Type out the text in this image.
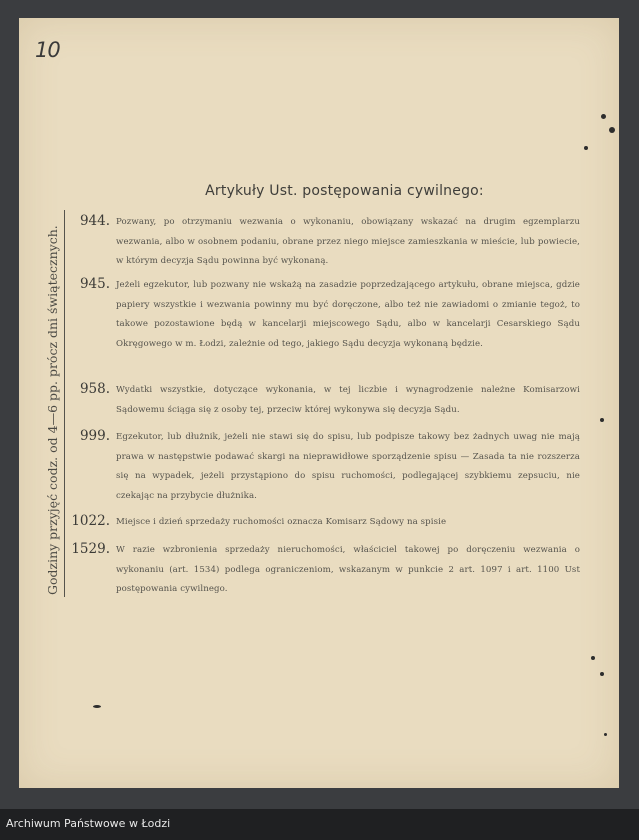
10
Godziny przyjęć codz. od 4—6 pp. prócz dni świątecznych.
Artykuły Ust. postępowania cywilnego:
944. Pozwany, po otrzymaniu wezwania o wykonaniu, obowiązany wskazać na drugim egzemplarzu wezwania, albo w osobnem podaniu, obrane przez niego miejsce zamieszkania w mieście, lub powiecie, w którym decyzja Sądu powinna być wykonaną.
945. Jeżeli egzekutor, lub pozwany nie wskażą na zasadzie poprzedzającego artykułu, obrane miejsca, gdzie papiery wszystkie i wezwania powinny mu być doręczone, albo też nie zawiadomi o zmianie tegoż, to takowe pozostawione będą w kancelarji miejscowego Sądu, albo w kancelarji Cesarskiego Sądu Okręgowego w m. Łodzi, zależnie od tego, jakiego Sądu decyzja wykonaną będzie.
958. Wydatki wszystkie, dotyczące wykonania, w tej liczbie i wynagrodzenie należne Komisarzowi Sądowemu ściąga się z osoby tej, przeciw której wykonywa się decyzja Sądu.
999. Egzekutor, lub dłużnik, jeżeli nie stawi się do spisu, lub podpisze takowy bez żadnych uwag nie mają prawa w następstwie podawać skargi na nieprawidłowe sporządzenie spisu — Zasada ta nie rozszerza się na wypadek, jeżeli przystąpiono do spisu ruchomości, podlegającej szybkiemu zepsuciu, nie czekając na przybycie dłużnika.
1022. Miejsce i dzień sprzedaży ruchomości oznacza Komisarz Sądowy na spisie
1529. W razie wzbronienia sprzedaży nieruchomości, właściciel takowej po doręczeniu wezwania o wykonaniu (art. 1534) podlega ograniczeniom, wskazanym w punkcie 2 art. 1097 i art. 1100 Ust postępowania cywilnego.
Archiwum Państwowe w Łodzi
